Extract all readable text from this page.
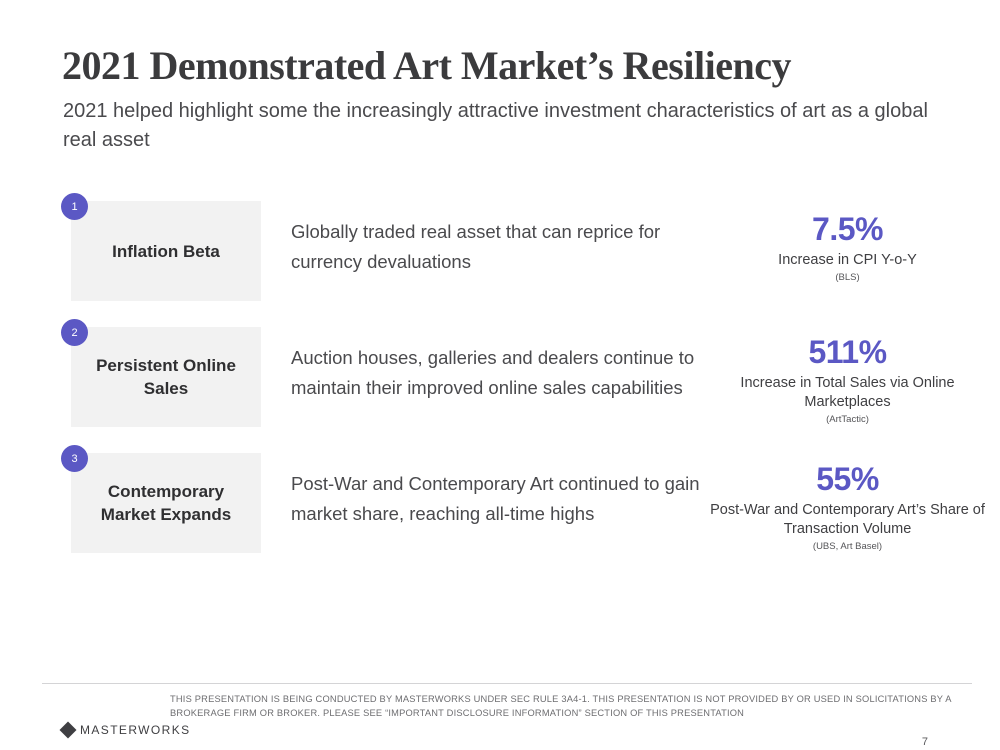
2021 Demonstrated Art Market’s Resiliency
2021 helped highlight some the increasingly attractive investment characteristics of art as a global real asset
1
Inflation Beta
Globally traded real asset that can reprice for currency devaluations
7.5%
Increase in CPI Y-o-Y
(BLS)
2
Persistent Online Sales
Auction houses, galleries and dealers continue to maintain their improved online sales capabilities
511%
Increase in Total Sales via Online Marketplaces
(ArtTactic)
3
Contemporary Market Expands
Post-War and Contemporary Art continued to gain market share, reaching all-time highs
55%
Post-War and Contemporary Art’s Share of Transaction Volume
(UBS, Art Basel)
MASTERWORKS
THIS PRESENTATION IS BEING CONDUCTED BY MASTERWORKS UNDER SEC RULE 3A4-1. THIS PRESENTATION IS NOT PROVIDED BY OR USED IN SOLICITATIONS BY A BROKERAGE FIRM OR BROKER. PLEASE SEE “IMPORTANT DISCLOSURE INFORMATION” SECTION OF THIS PRESENTATION
7
